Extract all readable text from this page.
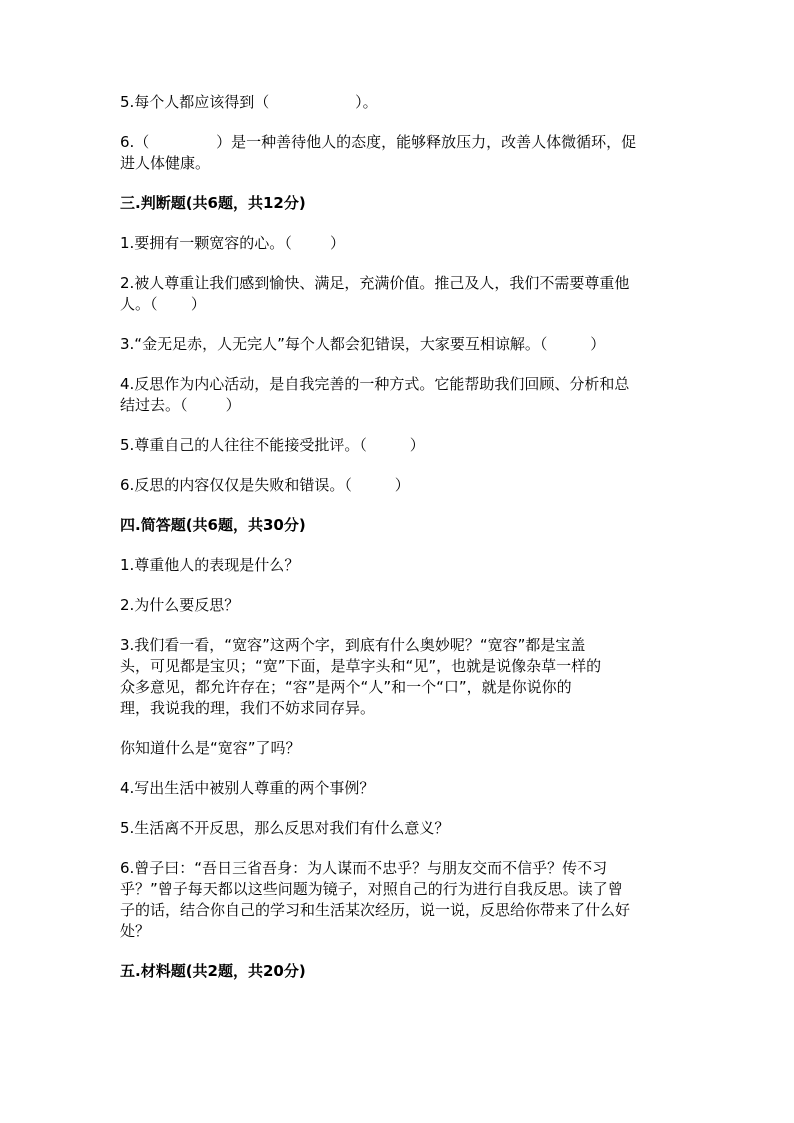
5.每个人都应该得到（                  ）。
6.（              ）是一种善待他人的态度，能够释放压力，改善人体微循环，促
进人体健康。
三.判断题(共6题，共12分)
1.要拥有一颗宽容的心。（        ）
2.被人尊重让我们感到愉快、满足，充满价值。推己及人，我们不需要尊重他
人。（       ）
3.“金无足赤，人无完人”每个人都会犯错误，大家要互相谅解。（         ）
4.反思作为内心活动，是自我完善的一种方式。它能帮助我们回顾、分析和总
结过去。（        ）
5.尊重自己的人往往不能接受批评。（         ）
6.反思的内容仅仅是失败和错误。（         ）
四.简答题(共6题，共30分)
1.尊重他人的表现是什么？
2.为什么要反思？
3.我们看一看，“宽容”这两个字，到底有什么奥妙呢？“宽容”都是宝盖
头，可见都是宝贝；“宽”下面，是草字头和“见”，也就是说像杂草一样的
众多意见，都允许存在；“容”是两个“人”和一个“口”，就是你说你的
理，我说我的理，我们不妨求同存异。
你知道什么是“宽容”了吗？
4.写出生活中被别人尊重的两个事例？
5.生活离不开反思，那么反思对我们有什么意义？
6.曾子曰：“吾日三省吾身：为人谋而不忠乎？与朋友交而不信乎？传不习
乎？”曾子每天都以这些问题为镜子，对照自己的行为进行自我反思。读了曾
子的话，结合你自己的学习和生活某次经历，说一说，反思给你带来了什么好
处？
五.材料题(共2题，共20分)
